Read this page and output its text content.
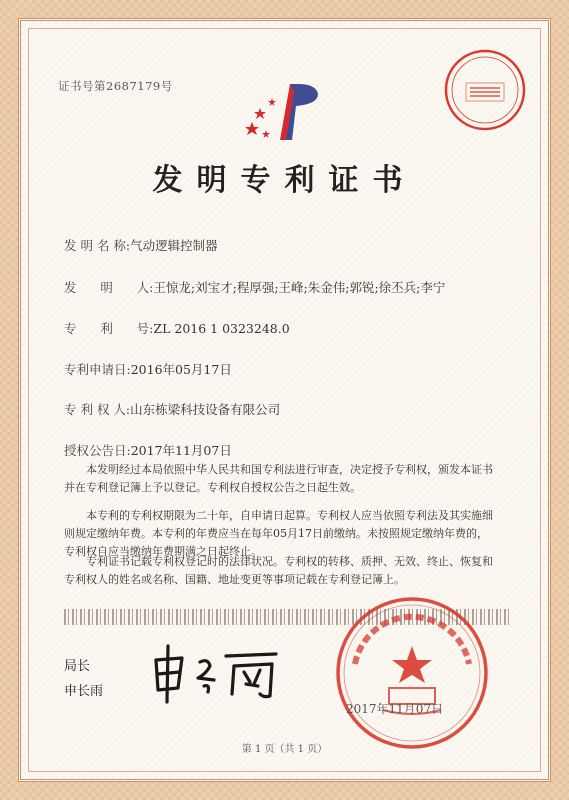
证书号第2687179号
发明专利证书
发 明 名 称:气动逻辑控制器
发      明      人:王惊龙;刘宝才;程厚强;王峰;朱金伟;郭锐;徐丕兵;李宁
专      利      号:ZL 2016 1 0323248.0
专利申请日:2016年05月17日
专 利 权 人:山东栋梁科技设备有限公司
授权公告日:2017年11月07日
本发明经过本局依照中华人民共和国专利法进行审查，决定授予专利权，颁发本证书并在专利登记簿上予以登记。专利权自授权公告之日起生效。
本专利的专利权期限为二十年，自申请日起算。专利权人应当依照专利法及其实施细则规定缴纳年费。本专利的年费应当在每年05月17日前缴纳。未按照规定缴纳年费的，专利权自应当缴纳年费期满之日起终止。
专利证书记载专利权登记时的法律状况。专利权的转移、质押、无效、终止、恢复和专利权人的姓名或名称、国籍、地址变更等事项记载在专利登记簿上。
局长
申长雨
2017年11月07日
第 1 页（共 1 页）
